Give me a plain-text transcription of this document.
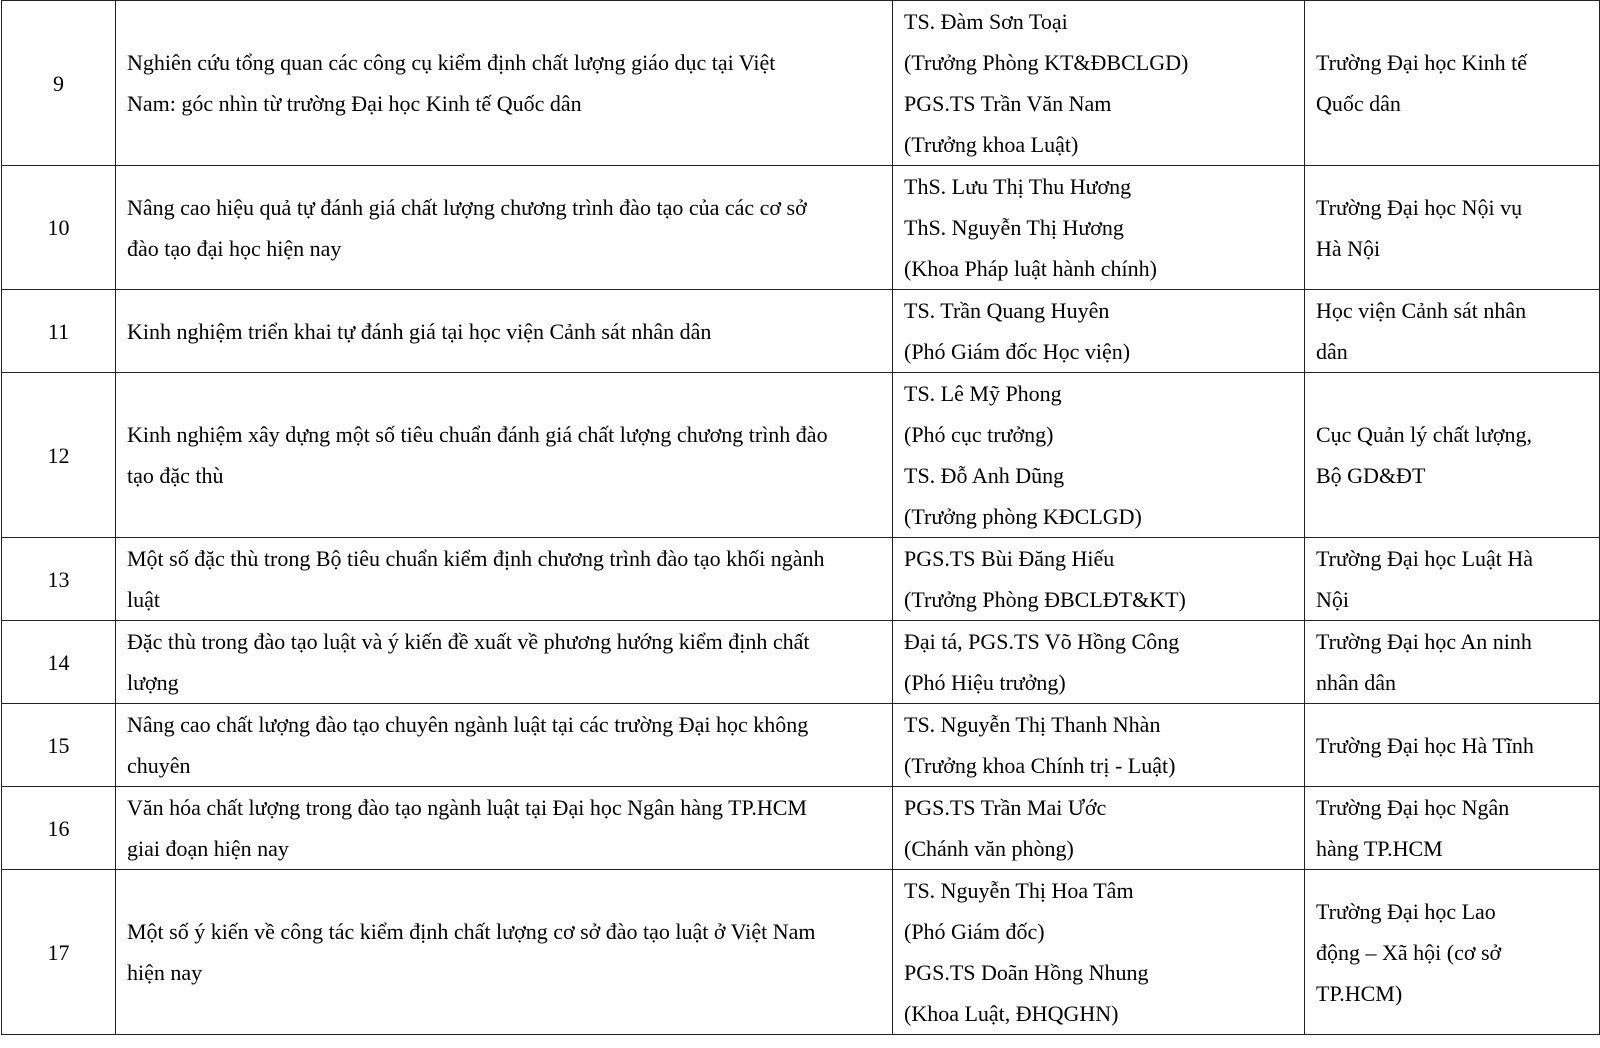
9	Nghiên cứu tổng quan các công cụ kiểm định chất lượng giáo dục tại Việt
Nam: góc nhìn từ trường Đại học Kinh tế Quốc dân	TS. Đàm Sơn Toại
(Trưởng Phòng KT&ĐBCLGD)
PGS.TS Trần Văn Nam
(Trưởng khoa Luật)	Trường Đại học Kinh tế
Quốc dân

10	Nâng cao hiệu quả tự đánh giá chất lượng chương trình đào tạo của các cơ sở
đào tạo đại học hiện nay	ThS. Lưu Thị Thu Hương
ThS. Nguyễn Thị Hương
(Khoa Pháp luật hành chính)	Trường Đại học Nội vụ
Hà Nội

11	Kinh nghiệm triển khai tự đánh giá tại học viện Cảnh sát nhân dân	TS. Trần Quang Huyên
(Phó Giám đốc Học viện)	Học viện Cảnh sát nhân
dân

12	Kinh nghiệm xây dựng một số tiêu chuẩn đánh giá chất lượng chương trình đào
tạo đặc thù	TS. Lê Mỹ Phong
(Phó cục trưởng)
TS. Đỗ Anh Dũng
(Trưởng phòng KĐCLGD)	Cục Quản lý chất lượng,
Bộ GD&ĐT

13	Một số đặc thù trong Bộ tiêu chuẩn kiểm định chương trình đào tạo khối ngành
luật	PGS.TS Bùi Đăng Hiếu
(Trưởng Phòng ĐBCLĐT&KT)	Trường Đại học Luật Hà
Nội

14	Đặc thù trong đào tạo luật và ý kiến đề xuất về phương hướng kiểm định chất
lượng	Đại tá, PGS.TS Võ Hồng Công
(Phó Hiệu trưởng)	Trường Đại học An ninh
nhân dân

15	Nâng cao chất lượng đào tạo chuyên ngành luật tại các trường Đại học không
chuyên	TS. Nguyễn Thị Thanh Nhàn
(Trưởng khoa Chính trị - Luật)	Trường Đại học Hà Tĩnh

16	Văn hóa chất lượng trong đào tạo ngành luật tại Đại học Ngân hàng TP.HCM
giai đoạn hiện nay	PGS.TS Trần Mai Ước
(Chánh văn phòng)	Trường Đại học Ngân
hàng TP.HCM

17	Một số ý kiến về công tác kiểm định chất lượng cơ sở đào tạo luật ở Việt Nam
hiện nay	TS. Nguyễn Thị Hoa Tâm
(Phó Giám đốc)
PGS.TS Doãn Hồng Nhung
(Khoa Luật, ĐHQGHN)	Trường Đại học Lao
động – Xã hội (cơ sở
TP.HCM)
